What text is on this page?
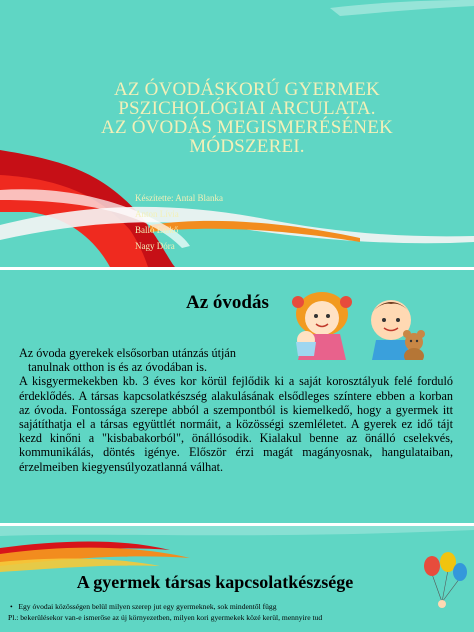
AZ ÓVODÁSKORÚ GYERMEK
PSZICHOLÓGIAI ARCULATA.
AZ ÓVODÁS MEGISMERÉSÉNEK
MÓDSZEREI.
Készítette: Antal Blanka
Anton Lívia
Balló Enikő
Nagy Dóra
Az óvodás
Az óvoda gyerekek elsősorban utánzás útján
tanulnak otthon is és az óvodában is.
A kisgyermekekben kb. 3 éves kor körül fejlődik ki a saját korosztályuk felé forduló érdeklődés. A társas kapcsolatkészség alakulásának elsődleges színtere ebben a korban az óvoda. Fontossága szerepe abból a szempontból is kiemelkedő, hogy a gyermek itt sajátíthatja el a társas együttlét normáit, a közösségi szemléletet. A gyerek ez idő tájt kezd kinőni a "kisbabakorból", önállósodik. Kialakul benne az önálló cselekvés, kommunikálás, döntés igénye. Először érzi magát magányosnak, hangulataiban, érzelmeiben kiegyensúlyozatlanná válhat.
A gyermek társas kapcsolatkészsége
• Egy óvodai közösségen belül milyen szerep jut egy gyermeknek, sok mindentől függ
Pl.: bekerülésekor van-e ismerőse az új környezetben, milyen kori gyermekek közé kerül, mennyire tud
